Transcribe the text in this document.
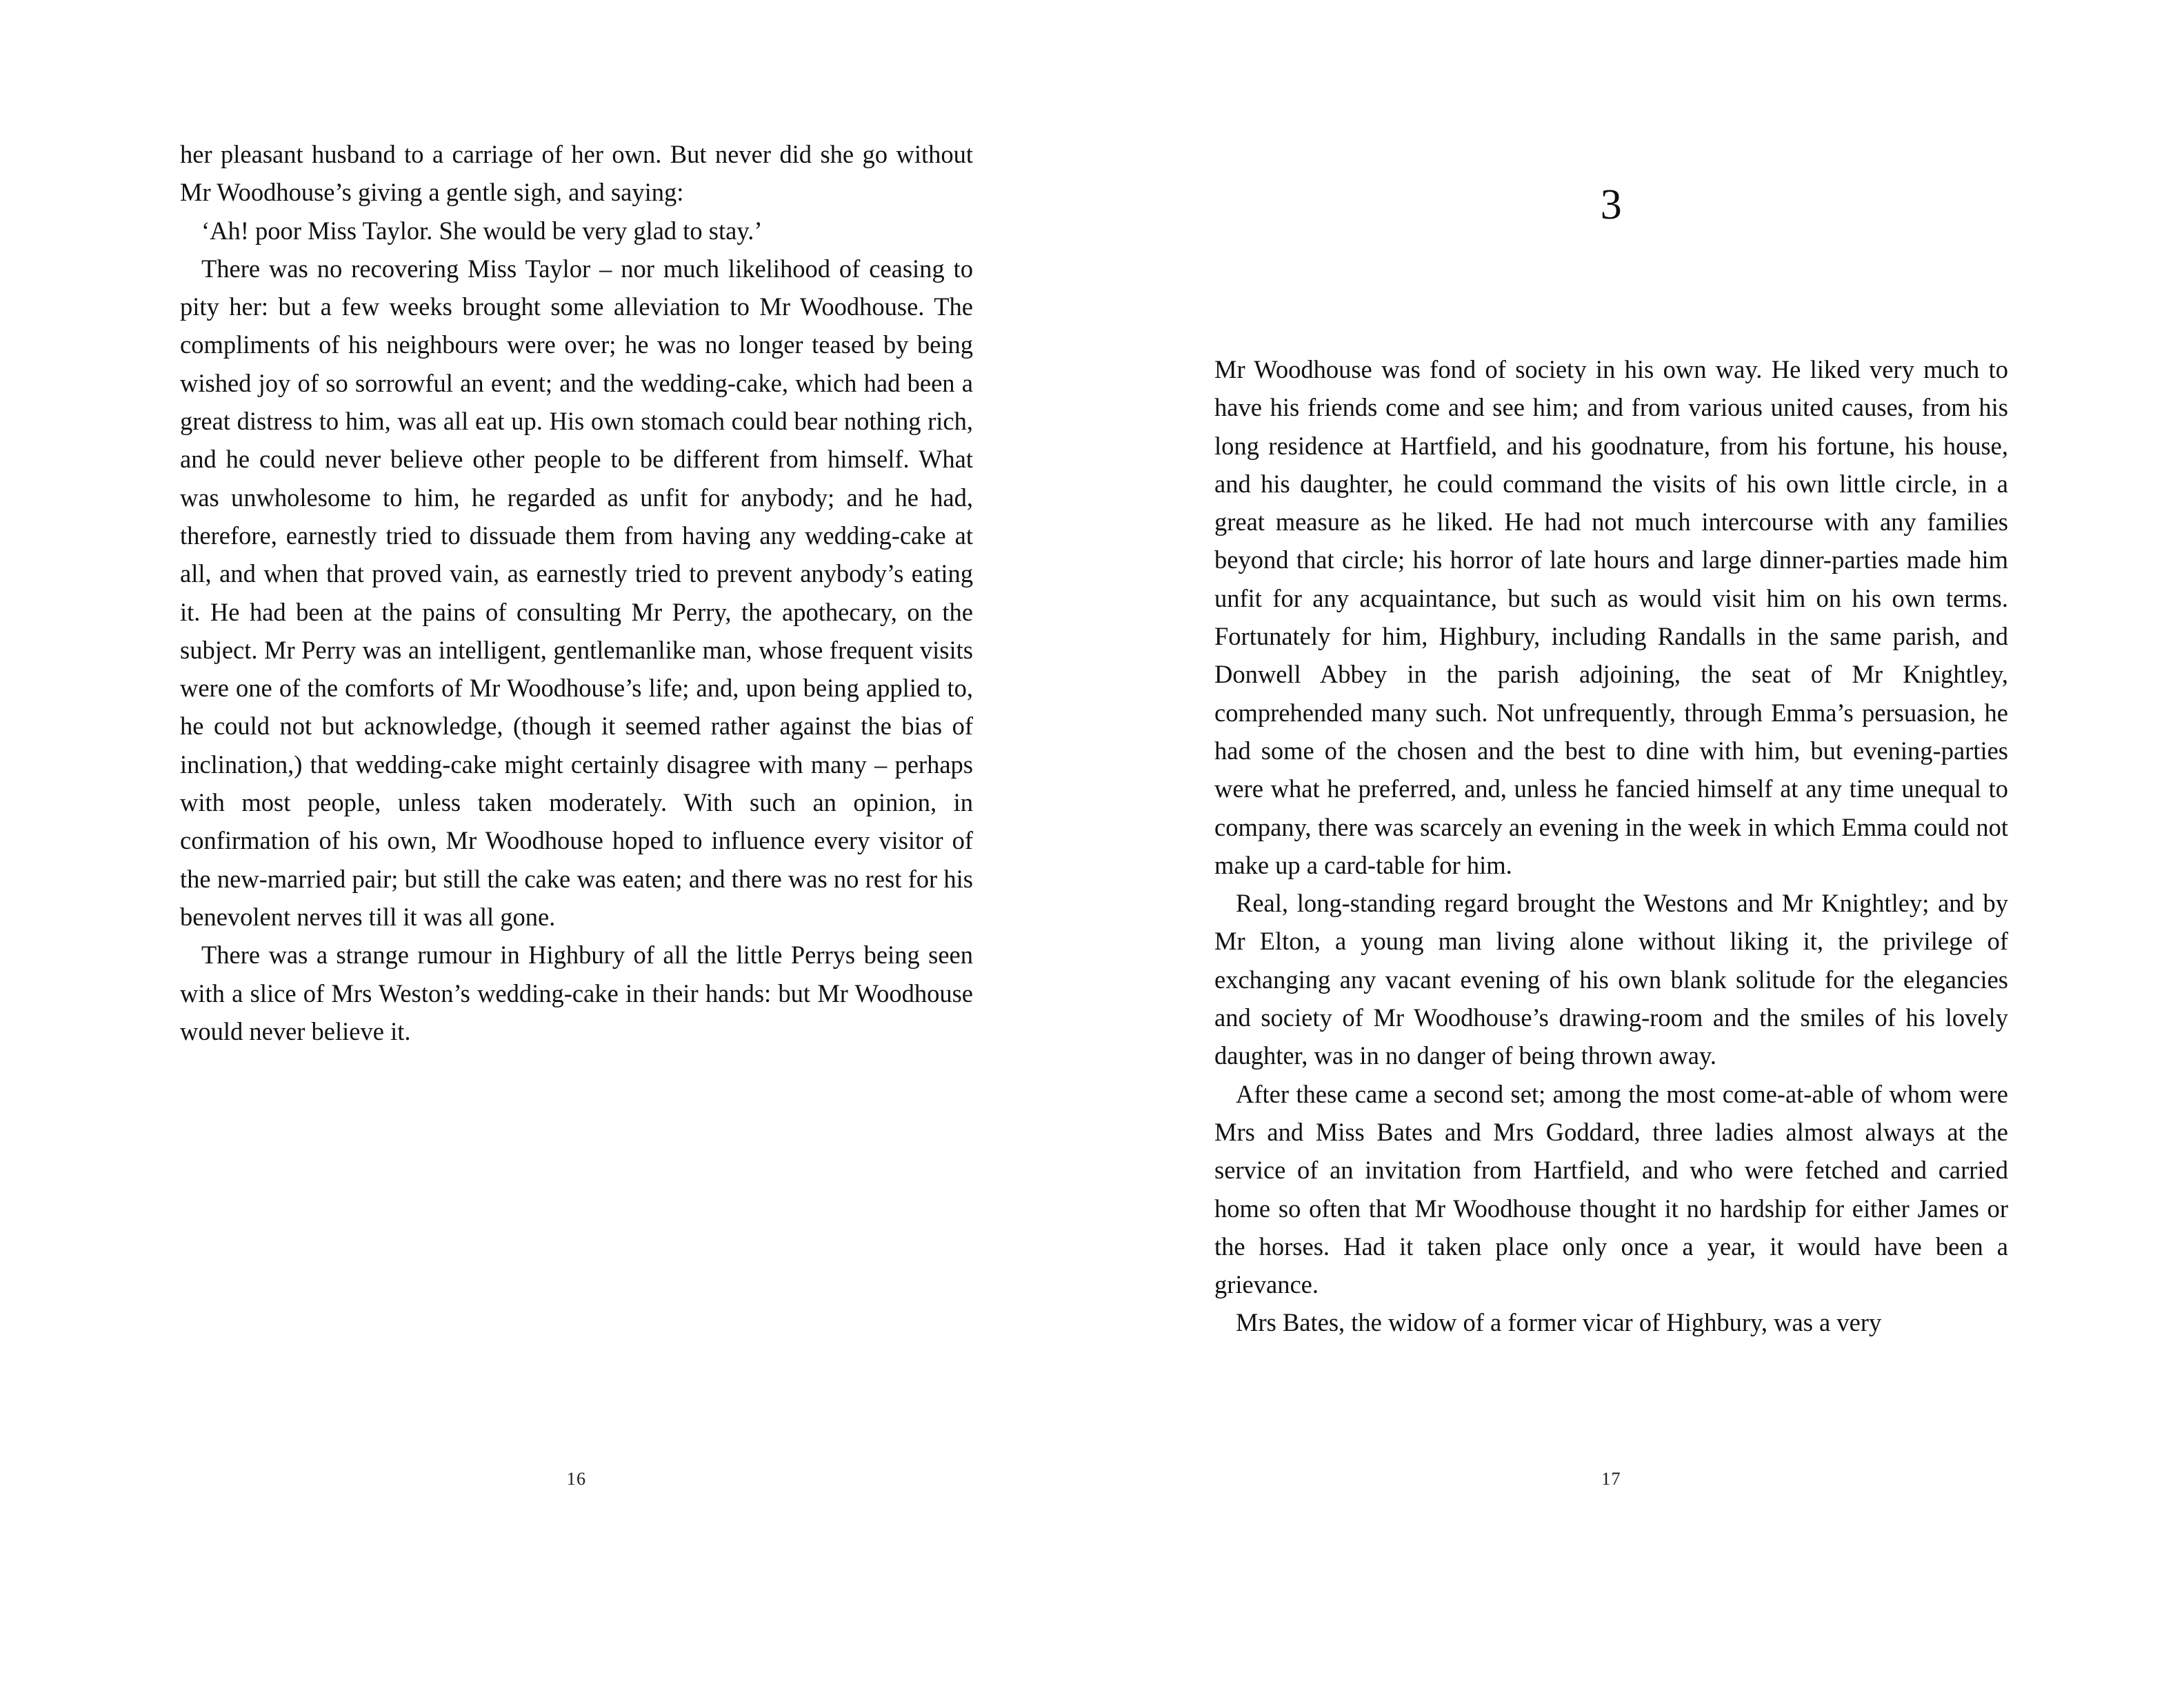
her pleasant husband to a carriage of her own. But never did she go without Mr Woodhouse’s giving a gentle sigh, and saying:

‘Ah! poor Miss Taylor. She would be very glad to stay.’

There was no recovering Miss Taylor – nor much likelihood of ceasing to pity her: but a few weeks brought some alleviation to Mr Woodhouse. The compliments of his neighbours were over; he was no longer teased by being wished joy of so sorrowful an event; and the wedding-cake, which had been a great distress to him, was all eat up. His own stomach could bear nothing rich, and he could never believe other people to be different from himself. What was unwholesome to him, he regarded as unfit for anybody; and he had, therefore, earnestly tried to dissuade them from having any wedding-cake at all, and when that proved vain, as earnestly tried to prevent anybody’s eating it. He had been at the pains of consulting Mr Perry, the apothecary, on the subject. Mr Perry was an intelligent, gentlemanlike man, whose frequent visits were one of the comforts of Mr Woodhouse’s life; and, upon being applied to, he could not but acknowledge, (though it seemed rather against the bias of inclination,) that wedding-cake might certainly disagree with many – perhaps with most people, unless taken moderately. With such an opinion, in confirmation of his own, Mr Woodhouse hoped to influence every visitor of the new-married pair; but still the cake was eaten; and there was no rest for his benevolent nerves till it was all gone.

There was a strange rumour in Highbury of all the little Perrys being seen with a slice of Mrs Weston’s wedding-cake in their hands: but Mr Woodhouse would never believe it.

16
3

Mr Woodhouse was fond of society in his own way. He liked very much to have his friends come and see him; and from various united causes, from his long residence at Hartfield, and his goodnature, from his fortune, his house, and his daughter, he could command the visits of his own little circle, in a great measure as he liked. He had not much intercourse with any families beyond that circle; his horror of late hours and large dinner-parties made him unfit for any acquaintance, but such as would visit him on his own terms. Fortunately for him, Highbury, including Randalls in the same parish, and Donwell Abbey in the parish adjoining, the seat of Mr Knightley, comprehended many such. Not unfrequently, through Emma’s persuasion, he had some of the chosen and the best to dine with him, but evening-parties were what he preferred, and, unless he fancied himself at any time unequal to company, there was scarcely an evening in the week in which Emma could not make up a card-table for him.

Real, long-standing regard brought the Westons and Mr Knightley; and by Mr Elton, a young man living alone without liking it, the privilege of exchanging any vacant evening of his own blank solitude for the elegancies and society of Mr Woodhouse’s drawing-room and the smiles of his lovely daughter, was in no danger of being thrown away.

After these came a second set; among the most come-at-able of whom were Mrs and Miss Bates and Mrs Goddard, three ladies almost always at the service of an invitation from Hartfield, and who were fetched and carried home so often that Mr Woodhouse thought it no hardship for either James or the horses. Had it taken place only once a year, it would have been a grievance.

Mrs Bates, the widow of a former vicar of Highbury, was a very

17
